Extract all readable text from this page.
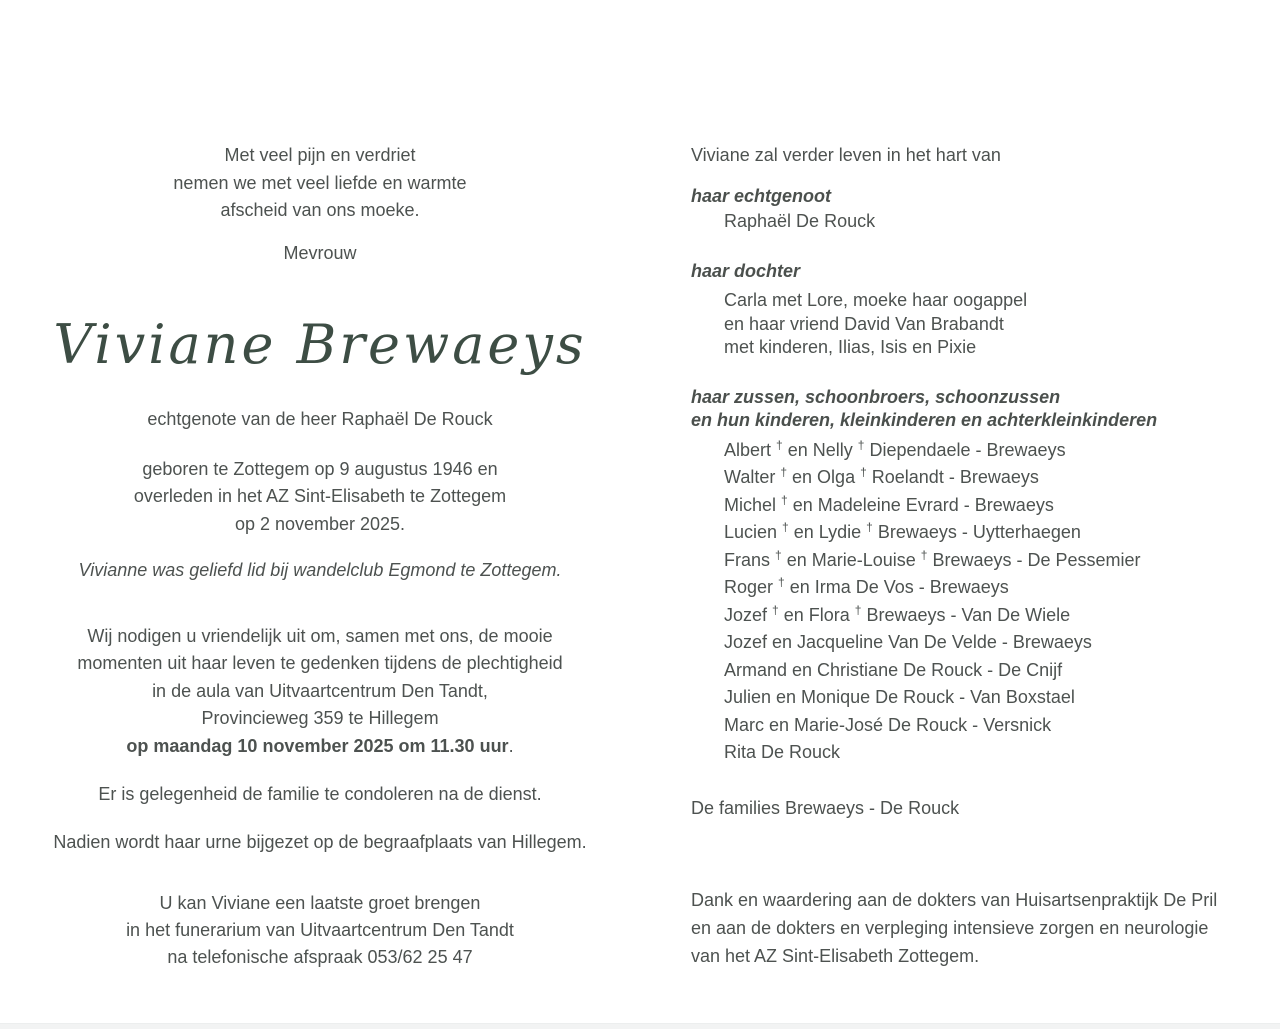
Met veel pijn en verdriet
nemen we met veel liefde en warmte
afscheid van ons moeke.
Mevrouw
Viviane Brewaeys
echtgenote van de heer Raphaël De Rouck
geboren te Zottegem op 9 augustus 1946 en
overleden in het AZ Sint-Elisabeth te Zottegem
op 2 november 2025.
Vivianne was geliefd lid bij wandelclub Egmond te Zottegem.
Wij nodigen u vriendelijk uit om, samen met ons, de mooie
momenten uit haar leven te gedenken tijdens de plechtigheid
in de aula van Uitvaartcentrum Den Tandt,
Provincieweg 359 te Hillegem
op maandag 10 november 2025 om 11.30 uur.
Er is gelegenheid de familie te condoleren na de dienst.
Nadien wordt haar urne bijgezet op de begraafplaats van Hillegem.
U kan Viviane een laatste groet brengen
in het funerarium van Uitvaartcentrum Den Tandt
na telefonische afspraak 053/62 25 47
Viviane zal verder leven in het hart van
haar echtgenoot
Raphaël De Rouck
haar dochter
Carla met Lore, moeke haar oogappel
en haar vriend David Van Brabandt
met kinderen, Ilias, Isis en Pixie
haar zussen, schoonbroers, schoonzussen
en hun kinderen, kleinkinderen en achterkleinkinderen
Albert † en Nelly † Diependaele - Brewaeys
Walter † en Olga † Roelandt - Brewaeys
Michel † en Madeleine Evrard - Brewaeys
Lucien † en Lydie † Brewaeys - Uytterhaegen
Frans † en Marie-Louise † Brewaeys - De Pessemier
Roger † en Irma De Vos - Brewaeys
Jozef † en Flora † Brewaeys - Van De Wiele
Jozef en Jacqueline Van De Velde - Brewaeys
Armand en Christiane De Rouck - De Cnijf
Julien en Monique De Rouck - Van Boxstael
Marc en Marie-José De Rouck - Versnick
Rita De Rouck
De families Brewaeys - De Rouck
Dank en waardering aan de dokters van Huisartsenpraktijk De Pril
en aan de dokters en verpleging intensieve zorgen en neurologie
van het AZ Sint-Elisabeth Zottegem.
